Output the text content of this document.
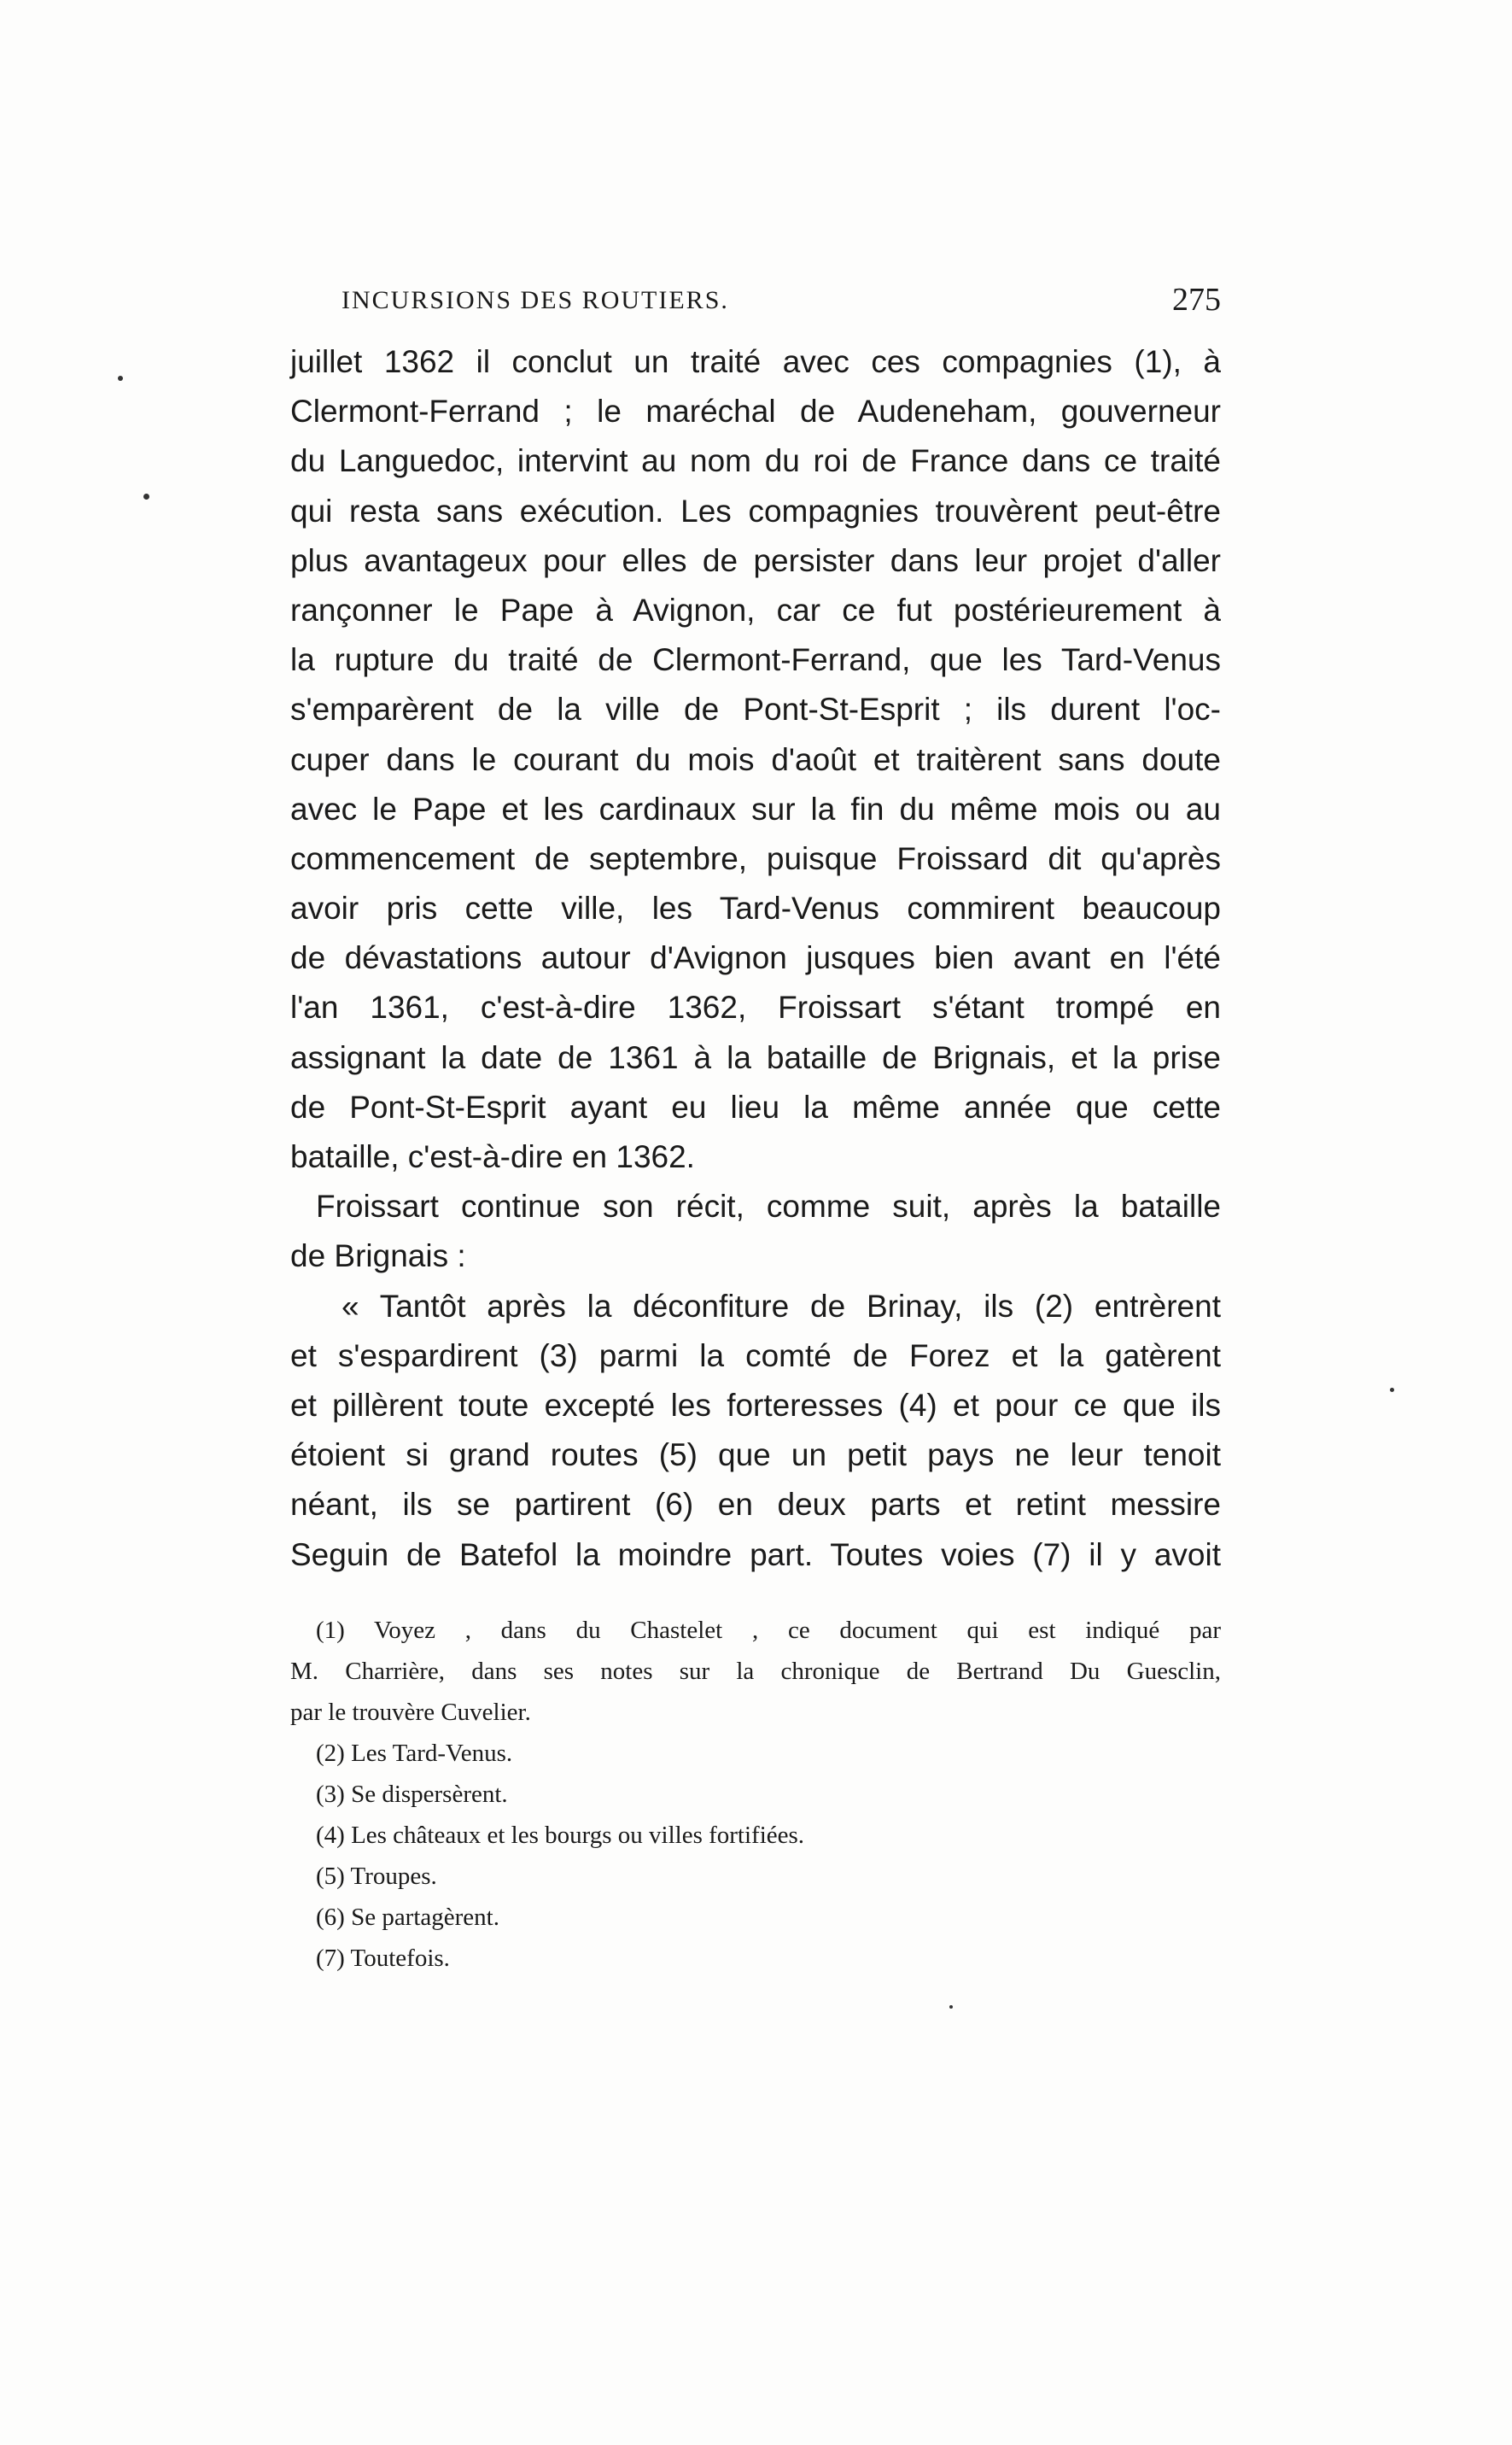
INCURSIONS DES ROUTIERS.	275
juillet 1362 il conclut un traité avec ces compagnies (1), à
Clermont-Ferrand ; le maréchal de Audeneham, gouverneur
du Languedoc, intervint au nom du roi de France dans ce traité
qui resta sans exécution. Les compagnies trouvèrent peut-être
plus avantageux pour elles de persister dans leur projet d'aller
rançonner le Pape à Avignon, car ce fut postérieurement à
la rupture du traité de Clermont-Ferrand, que les Tard-Venus
s'emparèrent de la ville de Pont-St-Esprit ; ils durent l'oc-
cuper dans le courant du mois d'août et traitèrent sans doute
avec le Pape et les cardinaux sur la fin du même mois ou au
commencement de septembre, puisque Froissard dit qu'après
avoir pris cette ville, les Tard-Venus commirent beaucoup
de dévastations autour d'Avignon jusques bien avant en l'été
l'an 1361, c'est-à-dire 1362, Froissart s'étant trompé en
assignant la date de 1361 à la bataille de Brignais, et la prise
de Pont-St-Esprit ayant eu lieu la même année que cette
bataille, c'est-à-dire en 1362.
Froissart continue son récit, comme suit, après la bataille
de Brignais :
« Tantôt après la déconfiture de Brinay, ils (2) entrèrent
et s'espardirent (3) parmi la comté de Forez et la gatèrent
et pillèrent toute excepté les forteresses (4) et pour ce que ils
étoient si grand routes (5) que un petit pays ne leur tenoit
néant, ils se partirent (6) en deux parts et retint messire
Seguin de Batefol la moindre part. Toutes voies (7) il y avoit
(1) Voyez , dans du Chastelet , ce document qui est indiqué par
M. Charrière, dans ses notes sur la chronique de Bertrand Du Guesclin,
par le trouvère Cuvelier.
(2) Les Tard-Venus.
(3) Se dispersèrent.
(4) Les châteaux et les bourgs ou villes fortifiées.
(5) Troupes.
(6) Se partagèrent.
(7) Toutefois.
